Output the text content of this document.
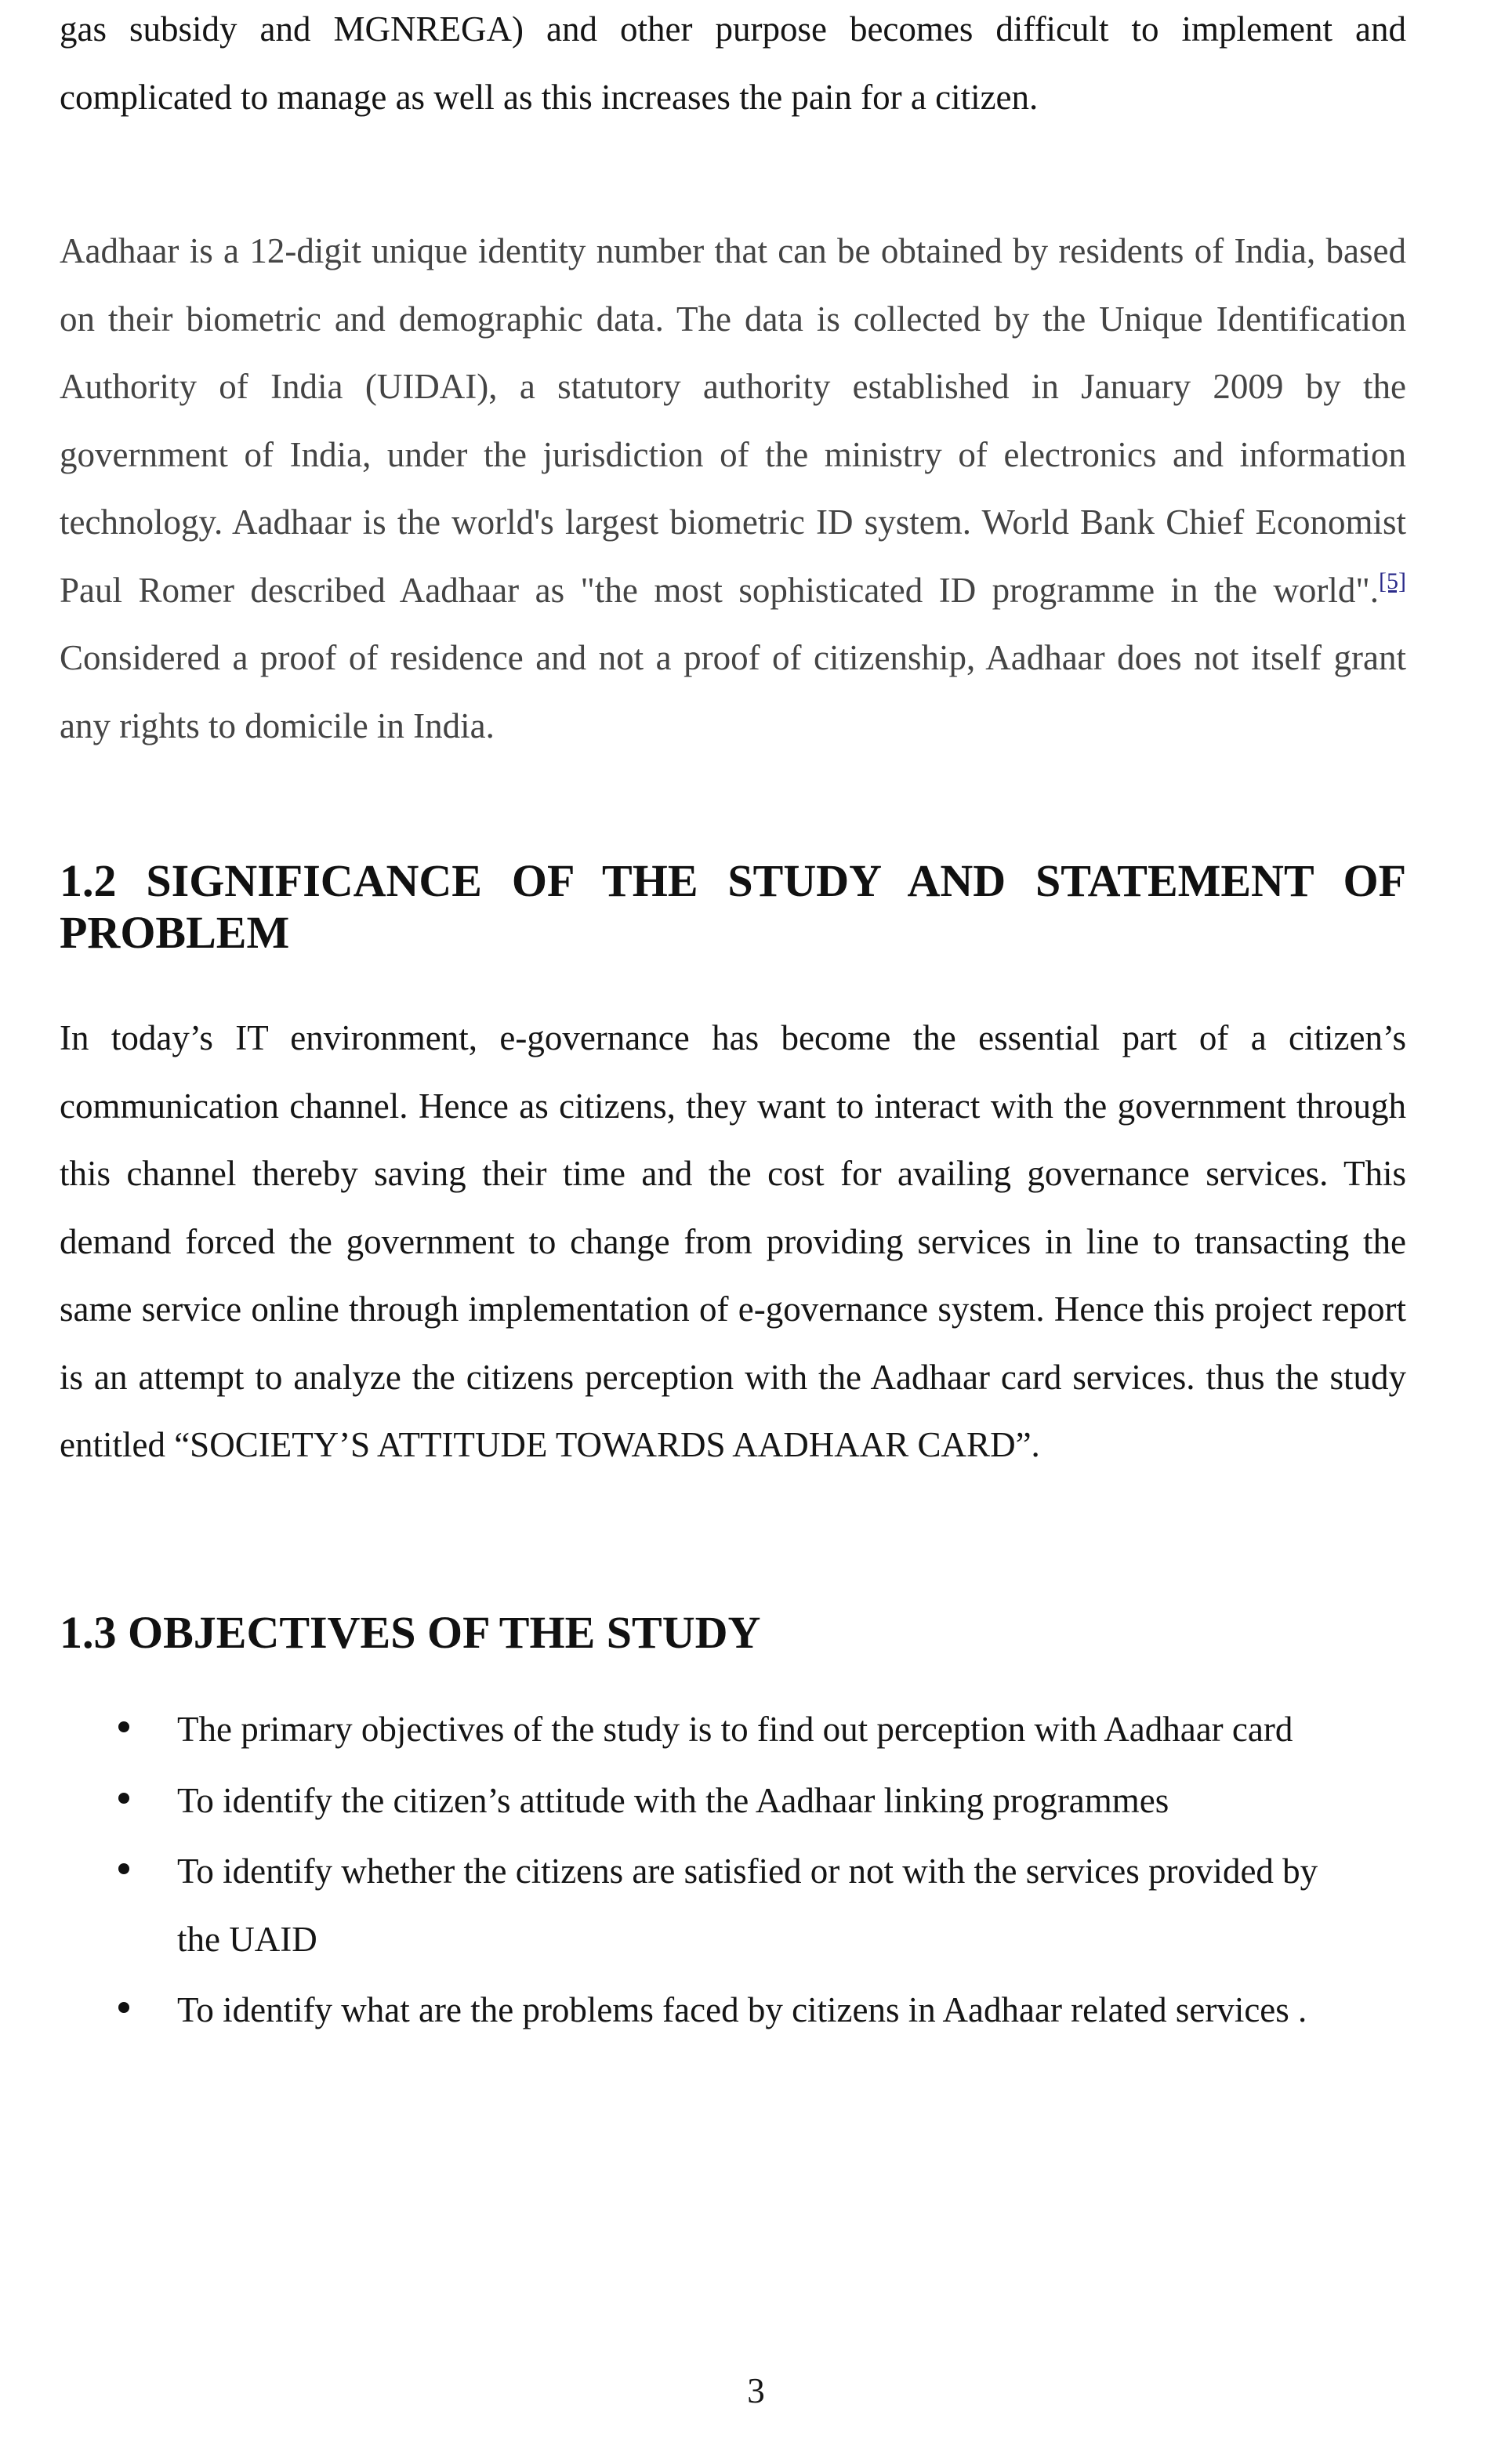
gas subsidy and MGNREGA) and other purpose becomes difficult to implement and complicated to manage as well as this increases the pain for a citizen.

Aadhaar is a 12-digit unique identity number that can be obtained by residents of India, based on their biometric and demographic data. The data is collected by the Unique Identification Authority of India (UIDAI), a statutory authority established in January 2009 by the government of India, under the jurisdiction of the ministry of electronics and information technology. Aadhaar is the world's largest biometric ID system. World Bank Chief Economist Paul Romer described Aadhaar as "the most sophisticated ID programme in the world".[5] Considered a proof of residence and not a proof of citizenship, Aadhaar does not itself grant any rights to domicile in India.

1.2 SIGNIFICANCE OF THE STUDY AND STATEMENT OF
PROBLEM

In today’s IT environment, e-governance has become the essential part of a citizen’s communication channel. Hence as citizens, they want to interact with the government through this channel thereby saving their time and the cost for availing governance services. This demand forced the government to change from providing services in line to transacting the same service online through implementation of e-governance system. Hence this project report is an attempt to analyze the citizens perception with the Aadhaar card services. thus the study entitled “SOCIETY’S ATTITUDE TOWARDS AADHAAR CARD”.

1.3 OBJECTIVES OF THE STUDY
The primary objectives of the study is to find out perception with Aadhaar card
To identify the citizen’s attitude with the Aadhaar linking programmes
To identify whether the citizens are satisfied or not with the services provided by the UAID
To identify what are the problems faced by citizens in Aadhaar related services .
3
